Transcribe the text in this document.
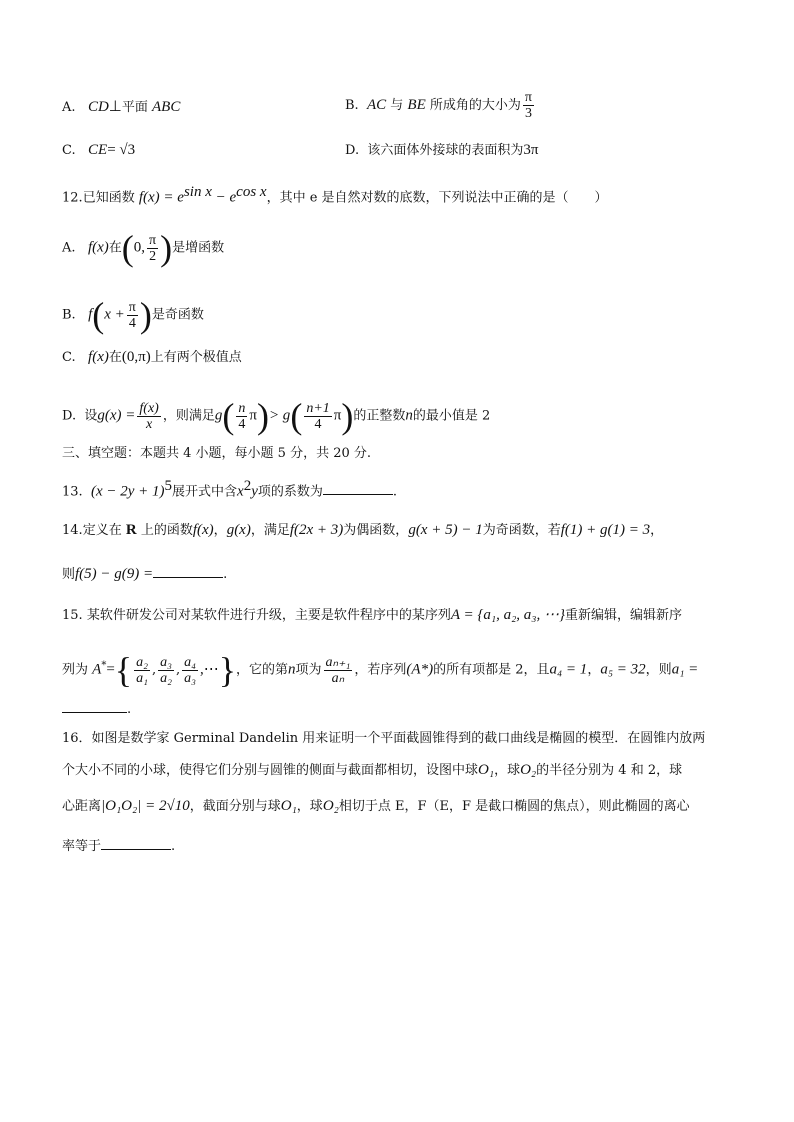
A. CD⊥平面 ABC	B. AC 与 BE 所成角的大小为 $\frac{\pi}{3}$
C. CE= √3	D. 该六面体外接球的表面积为3π
12.已知函数 $f(x) = e^{sin x} - e^{cos x}$，其中 e 是自然对数的底数，下列说法中正确的是（　　）
A. f(x)在(0, $\frac{\pi}{2}$ )是增函数
B. $f(x + \frac{\pi}{4}$ )是奇函数
C. f(x)在(0,π)上有两个极值点
D. 设$g(x) = \frac{f(x)}{x}$ ，则满足$g( \frac{n}{4} \pi)> g( \frac{n+1}{4} \pi)$的正整数n的最小值是 2
三、填空题：本题共 4 小题，每小题 5 分，共 20 分.
13. $(x - 2y + 1)^5$展开式中含$x^2y$项的系数为	.
14.定义在 R 上的函数f(x)，g(x)，满足f(2x + 3)为偶函数，g(x + 5) − 1为奇函数，若f(1) + g(1) = 3，
则f(5) − g(9) =	.
15. 某软件研发公司对某软件进行升级，主要是软件程序中的某序列A = {a₁, a₂, a₃, ⋯}重新编辑，编辑新序
列为 $A^*=\{ \frac{\text{a₂}}{\text{a₁}}$ , $\frac{\text{a₃}}{\text{a₂}}$ , $\frac{\text{a₄}}{\text{a₃}}$ ,⋯}，它的第n项为 $\frac{\text{aₙ₊₁}}{\text{aₙ}}$ ，若序列(A*)的所有项都是 2，且a₄ = 1，a₅ = 32，则a₁ =
.
16．如图是数学家 Germinal Dandelin 用来证明一个平面截圆锥得到的截口曲线是椭圆的模型．在圆锥内放两
个大小不同的小球，使得它们分别与圆锥的侧面与截面都相切，设图中球O₁，球O₂的半径分别为 4 和 2，球
心距离|O₁O₂| = 2√10，截面分别与球O₁，球O₂相切于点 E，F（E，F 是截口椭圆的焦点），则此椭圆的离心
率等于	.
